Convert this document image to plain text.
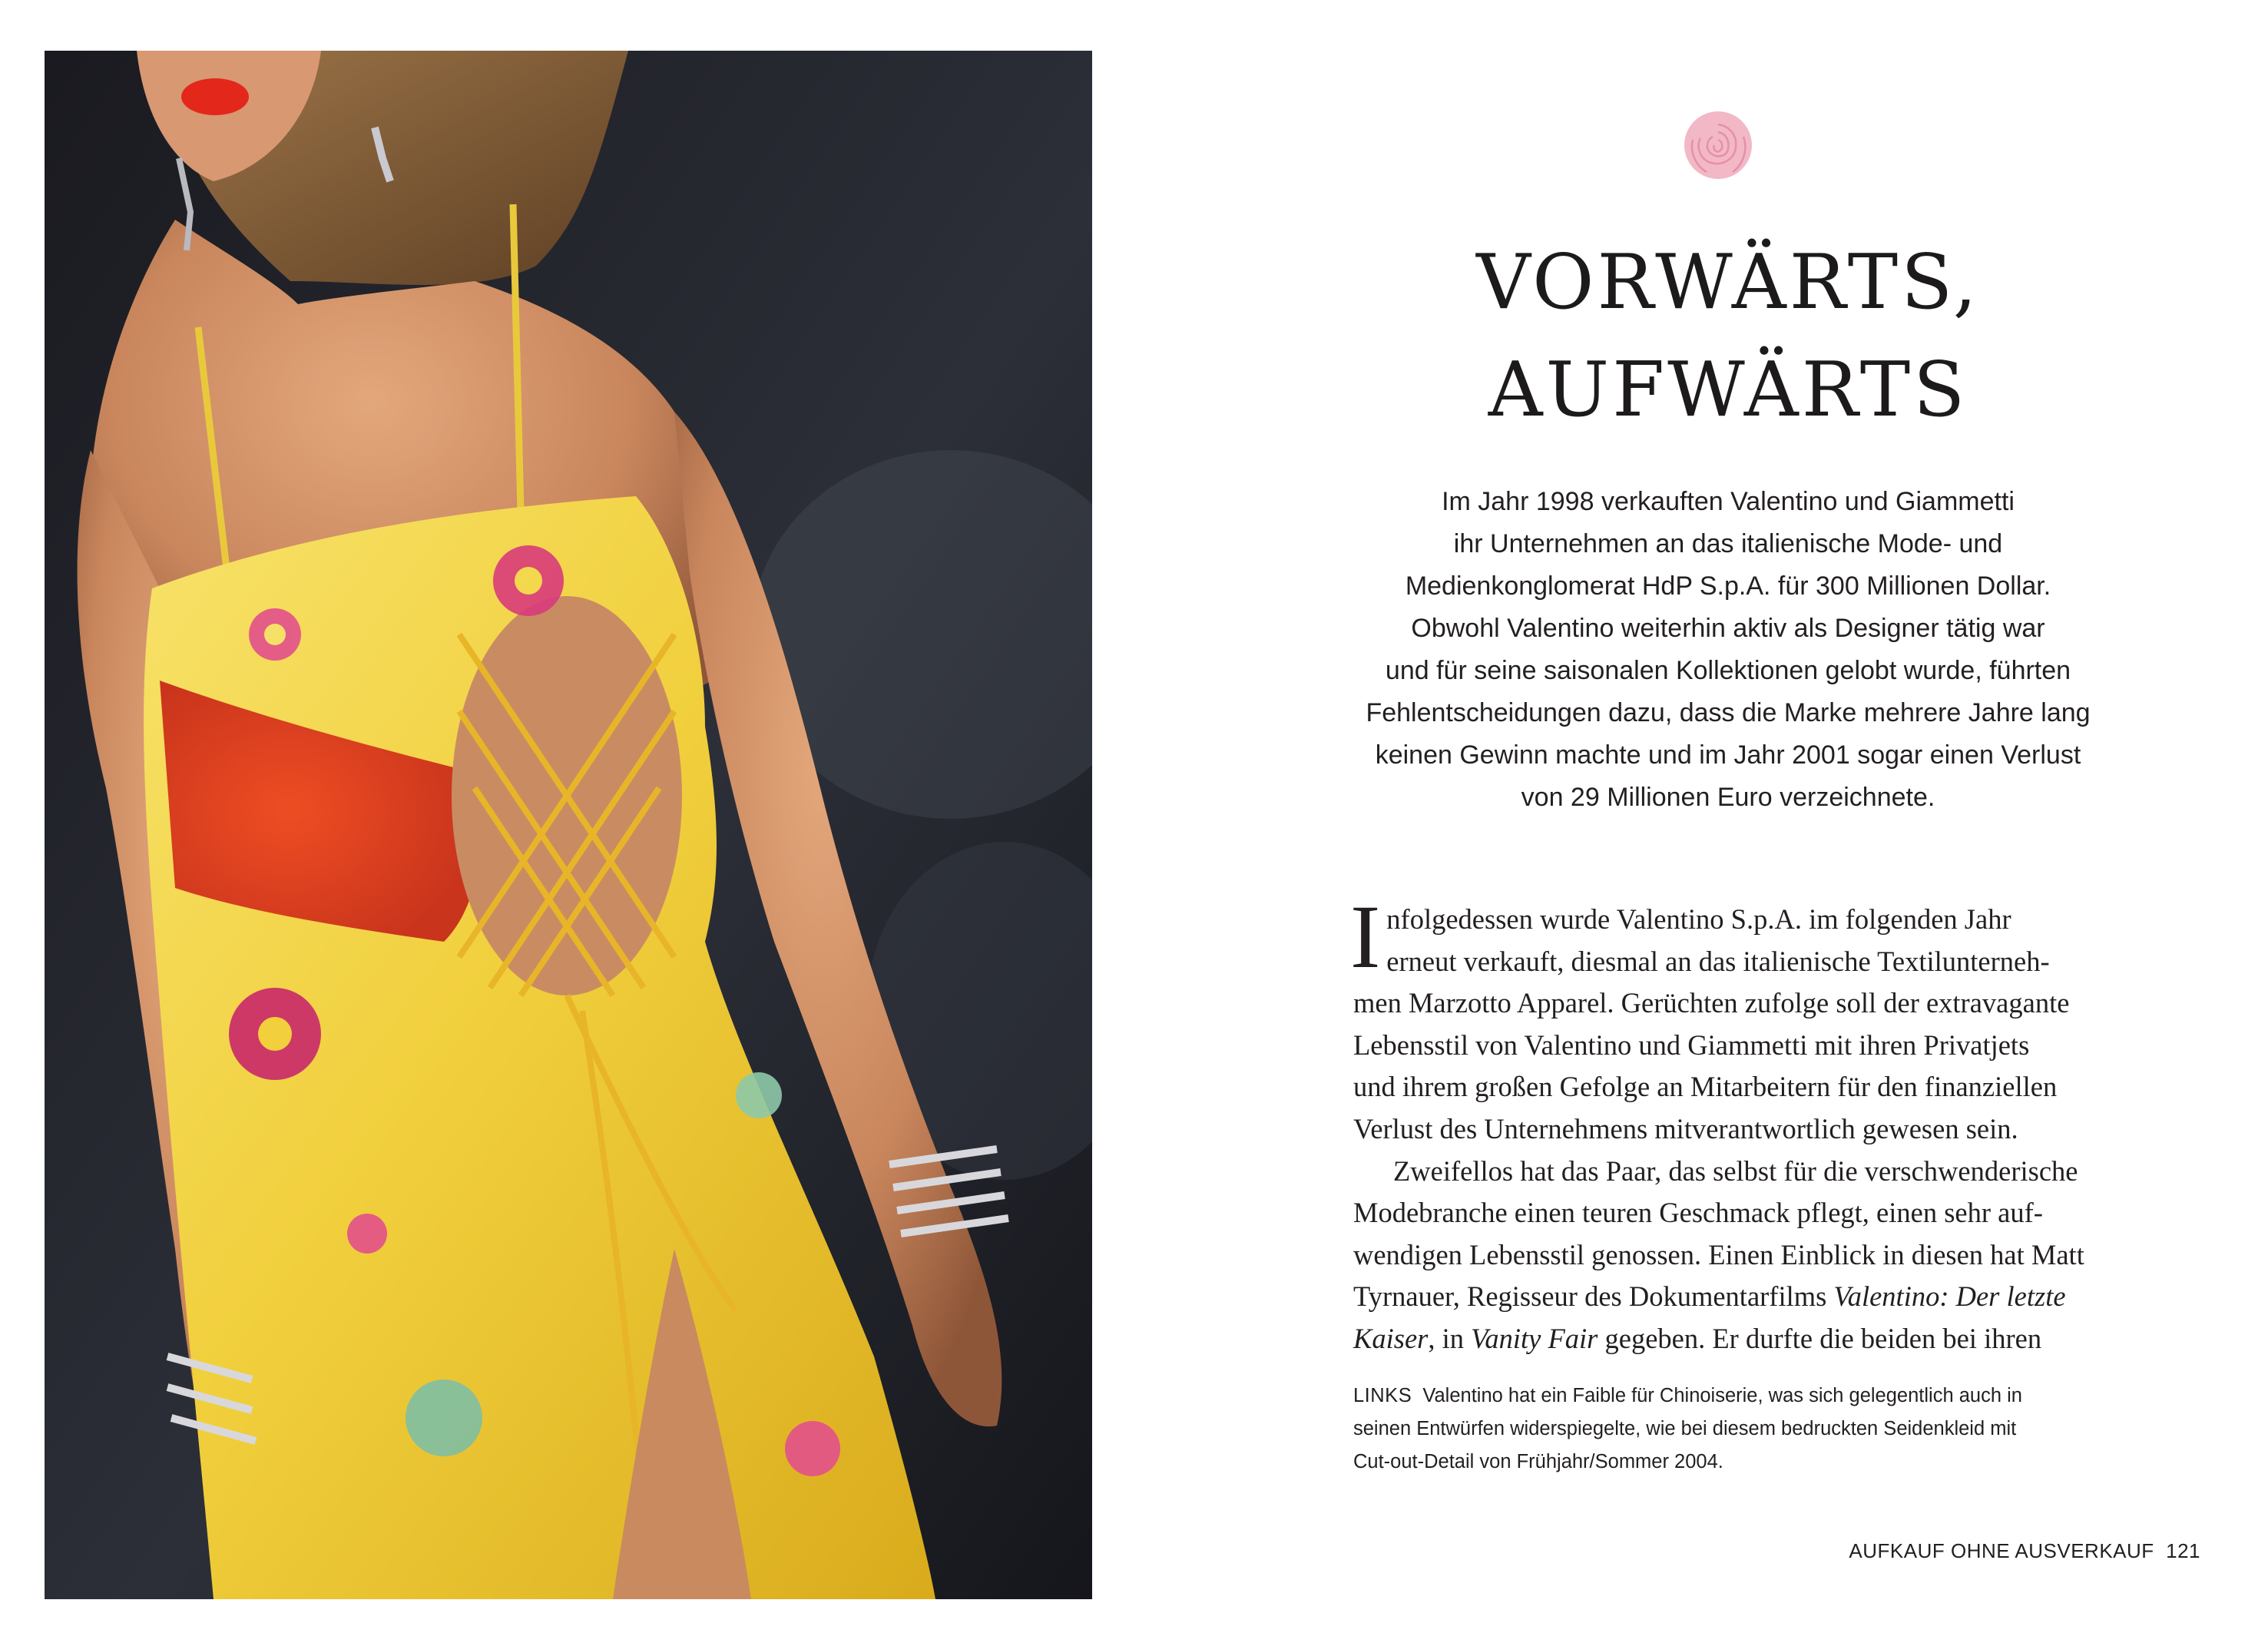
VORWÄRTS,
AUFWÄRTS

Im Jahr 1998 verkauften Valentino und Giammetti
ihr Unternehmen an das italienische Mode- und
Medienkonglomerat HdP S.p.A. für 300 Millionen Dollar.
Obwohl Valentino weiterhin aktiv als Designer tätig war
und für seine saisonalen Kollektionen gelobt wurde, führten
Fehlentscheidungen dazu, dass die Marke mehrere Jahre lang
keinen Gewinn machte und im Jahr 2001 sogar einen Verlust
von 29 Millionen Euro verzeichnete.

I nfolgedessen wurde Valentino S.p.A. im folgenden Jahr
erneut verkauft, diesmal an das italienische Textilunterneh-
men Marzotto Apparel. Gerüchten zufolge soll der extravagante
Lebensstil von Valentino und Giammetti mit ihren Privatjets
und ihrem großen Gefolge an Mitarbeitern für den finanziellen
Verlust des Unternehmens mitverantwortlich gewesen sein.
Zweifellos hat das Paar, das selbst für die verschwenderische
Modebranche einen teuren Geschmack pflegt, einen sehr auf-
wendigen Lebensstil genossen. Einen Einblick in diesen hat Matt
Tyrnauer, Regisseur des Dokumentarfilms Valentino: Der letzte
Kaiser, in Vanity Fair gegeben. Er durfte die beiden bei ihren
LINKS Valentino hat ein Faible für Chinoiserie, was sich gelegentlich auch in
seinen Entwürfen widerspiegelte, wie bei diesem bedruckten Seidenkleid mit
Cut-out-Detail von Frühjahr/Sommer 2004.
AUFKAUF OHNE AUSVERKAUF 121
